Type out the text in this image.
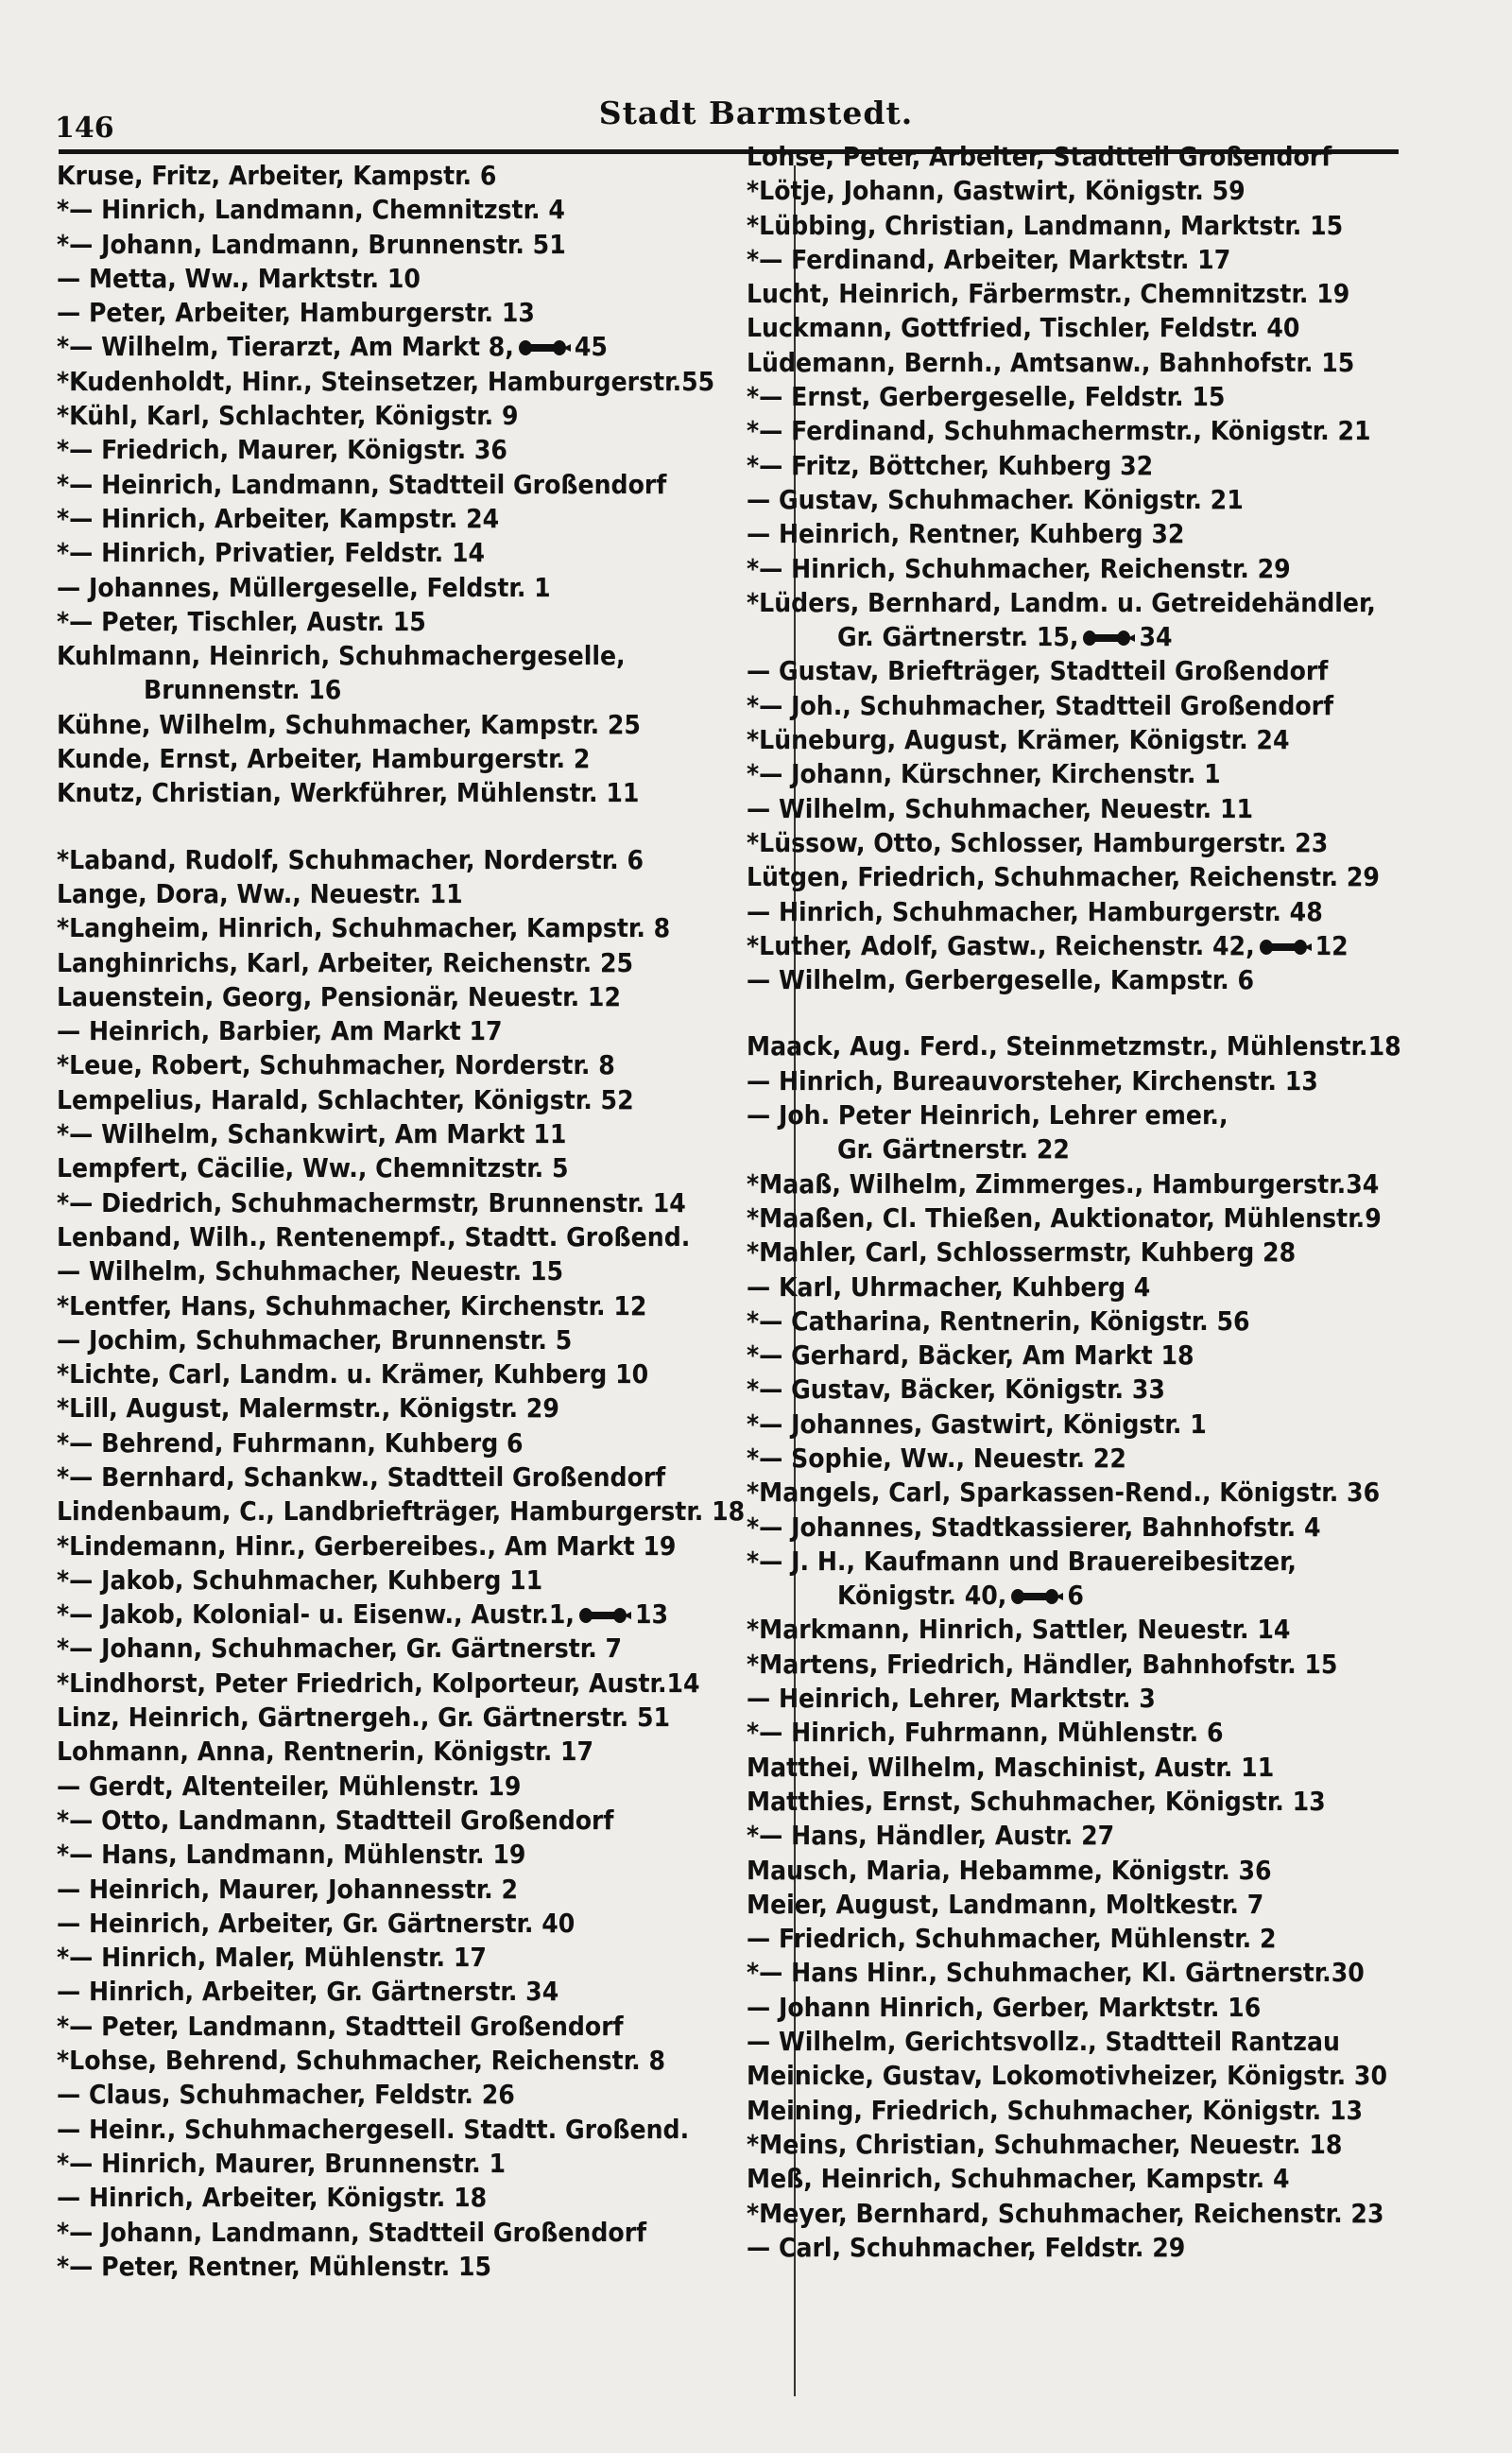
146	Stadt Barmstedt.
Kruse, Fritz, Arbeiter, Kampstr. 6
*— Hinrich, Landmann, Chemnitzstr. 4
*— Johann, Landmann, Brunnenstr. 51
— Metta, Ww., Marktstr. 10
— Peter, Arbeiter, Hamburgerstr. 13
*— Wilhelm, Tierarzt, Am Markt 8, 45
*Kudenholdt, Hinr., Steinsetzer, Hamburgerstr.55
*Kühl, Karl, Schlachter, Königstr. 9
*— Friedrich, Maurer, Königstr. 36
*— Heinrich, Landmann, Stadtteil Großendorf
*— Hinrich, Arbeiter, Kampstr. 24
*— Hinrich, Privatier, Feldstr. 14
— Johannes, Müllergeselle, Feldstr. 1
*— Peter, Tischler, Austr. 15
Kuhlmann, Heinrich, Schuhmachergeselle,
Brunnenstr. 16
Kühne, Wilhelm, Schuhmacher, Kampstr. 25
Kunde, Ernst, Arbeiter, Hamburgerstr. 2
Knutz, Christian, Werkführer, Mühlenstr. 11
*Laband, Rudolf, Schuhmacher, Norderstr. 6
Lange, Dora, Ww., Neuestr. 11
*Langheim, Hinrich, Schuhmacher, Kampstr. 8
Langhinrichs, Karl, Arbeiter, Reichenstr. 25
Lauenstein, Georg, Pensionär, Neuestr. 12
— Heinrich, Barbier, Am Markt 17
*Leue, Robert, Schuhmacher, Norderstr. 8
Lempelius, Harald, Schlachter, Königstr. 52
*— Wilhelm, Schankwirt, Am Markt 11
Lempfert, Cäcilie, Ww., Chemnitzstr. 5
*— Diedrich, Schuhmachermstr, Brunnenstr. 14
Lenband, Wilh., Rentenempf., Stadtt. Großend.
— Wilhelm, Schuhmacher, Neuestr. 15
*Lentfer, Hans, Schuhmacher, Kirchenstr. 12
— Jochim, Schuhmacher, Brunnenstr. 5
*Lichte, Carl, Landm. u. Krämer, Kuhberg 10
*Lill, August, Malermstr., Königstr. 29
*— Behrend, Fuhrmann, Kuhberg 6
*— Bernhard, Schankw., Stadtteil Großendorf
Lindenbaum, C., Landbriefträger, Hamburgerstr. 18
*Lindemann, Hinr., Gerbereibes., Am Markt 19
*— Jakob, Schuhmacher, Kuhberg 11
*— Jakob, Kolonial- u. Eisenw., Austr.1, 13
*— Johann, Schuhmacher, Gr. Gärtnerstr. 7
*Lindhorst, Peter Friedrich, Kolporteur, Austr.14
Linz, Heinrich, Gärtnergeh., Gr. Gärtnerstr. 51
Lohmann, Anna, Rentnerin, Königstr. 17
— Gerdt, Altenteiler, Mühlenstr. 19
*— Otto, Landmann, Stadtteil Großendorf
*— Hans, Landmann, Mühlenstr. 19
— Heinrich, Maurer, Johannesstr. 2
— Heinrich, Arbeiter, Gr. Gärtnerstr. 40
*— Hinrich, Maler, Mühlenstr. 17
— Hinrich, Arbeiter, Gr. Gärtnerstr. 34
*— Peter, Landmann, Stadtteil Großendorf
*Lohse, Behrend, Schuhmacher, Reichenstr. 8
— Claus, Schuhmacher, Feldstr. 26
— Heinr., Schuhmachergesell. Stadtt. Großend.
*— Hinrich, Maurer, Brunnenstr. 1
— Hinrich, Arbeiter, Königstr. 18
*— Johann, Landmann, Stadtteil Großendorf
*— Peter, Rentner, Mühlenstr. 15
Lohse, Peter, Arbeiter, Stadtteil Großendorf
*Lötje, Johann, Gastwirt, Königstr. 59
*Lübbing, Christian, Landmann, Marktstr. 15
*— Ferdinand, Arbeiter, Marktstr. 17
Lucht, Heinrich, Färbermstr., Chemnitzstr. 19
Luckmann, Gottfried, Tischler, Feldstr. 40
Lüdemann, Bernh., Amtsanw., Bahnhofstr. 15
*— Ernst, Gerbergeselle, Feldstr. 15
*— Ferdinand, Schuhmachermstr., Königstr. 21
*— Fritz, Böttcher, Kuhberg 32
— Gustav, Schuhmacher. Königstr. 21
— Heinrich, Rentner, Kuhberg 32
*— Hinrich, Schuhmacher, Reichenstr. 29
*Lüders, Bernhard, Landm. u. Getreidehändler,
Gr. Gärtnerstr. 15, 34
— Gustav, Briefträger, Stadtteil Großendorf
*— Joh., Schuhmacher, Stadtteil Großendorf
*Lüneburg, August, Krämer, Königstr. 24
*— Johann, Kürschner, Kirchenstr. 1
— Wilhelm, Schuhmacher, Neuestr. 11
*Lüssow, Otto, Schlosser, Hamburgerstr. 23
Lütgen, Friedrich, Schuhmacher, Reichenstr. 29
— Hinrich, Schuhmacher, Hamburgerstr. 48
*Luther, Adolf, Gastw., Reichenstr. 42, 12
— Wilhelm, Gerbergeselle, Kampstr. 6
Maack, Aug. Ferd., Steinmetzmstr., Mühlenstr.18
— Hinrich, Bureauvorsteher, Kirchenstr. 13
— Joh. Peter Heinrich, Lehrer emer.,
Gr. Gärtnerstr. 22
*Maaß, Wilhelm, Zimmerges., Hamburgerstr.34
*Maaßen, Cl. Thießen, Auktionator, Mühlenstr.9
*Mahler, Carl, Schlossermstr, Kuhberg 28
— Karl, Uhrmacher, Kuhberg 4
*— Catharina, Rentnerin, Königstr. 56
*— Gerhard, Bäcker, Am Markt 18
*— Gustav, Bäcker, Königstr. 33
*— Johannes, Gastwirt, Königstr. 1
*— Sophie, Ww., Neuestr. 22
*Mangels, Carl, Sparkassen-Rend., Königstr. 36
*— Johannes, Stadtkassierer, Bahnhofstr. 4
*— J. H., Kaufmann und Brauereibesitzer,
Königstr. 40, 6
*Markmann, Hinrich, Sattler, Neuestr. 14
*Martens, Friedrich, Händler, Bahnhofstr. 15
— Heinrich, Lehrer, Marktstr. 3
*— Hinrich, Fuhrmann, Mühlenstr. 6
Matthei, Wilhelm, Maschinist, Austr. 11
Matthies, Ernst, Schuhmacher, Königstr. 13
*— Hans, Händler, Austr. 27
Mausch, Maria, Hebamme, Königstr. 36
Meier, August, Landmann, Moltkestr. 7
— Friedrich, Schuhmacher, Mühlenstr. 2
*— Hans Hinr., Schuhmacher, Kl. Gärtnerstr.30
— Johann Hinrich, Gerber, Marktstr. 16
— Wilhelm, Gerichtsvollz., Stadtteil Rantzau
Meinicke, Gustav, Lokomotivheizer, Königstr. 30
Meining, Friedrich, Schuhmacher, Königstr. 13
*Meins, Christian, Schuhmacher, Neuestr. 18
Meß, Heinrich, Schuhmacher, Kampstr. 4
*Meyer, Bernhard, Schuhmacher, Reichenstr. 23
— Carl, Schuhmacher, Feldstr. 29
